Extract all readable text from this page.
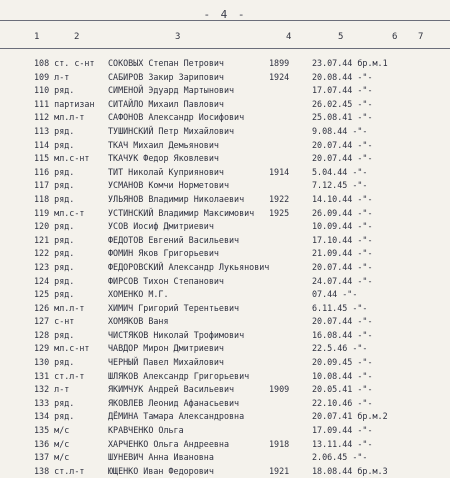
- 4 -
1	2	3	4	5	6 7
108 ст. с-нт СОКОВЫХ Степан Петрович	1899	23.07.44 бр.м.1
109 л-т	САБИРОВ Закир Зарипович	1924	20.08.44 -"-
110 ряд.	СИМЕНОЙ Эдуард Мартынович	17.07.44 -"-
111 партизан СИТАЙЛО Михаил Павлович	26.02.45 -"-
112 мл.л-т	САФОНОВ Александр Иосифович	25.08.41 -"-
113 ряд.	ТУШИНСКИЙ Петр Михайлович	9.08.44 -"-
114 ряд.	ТКАЧ Михаил Демьянович	20.07.44 -"-
115 мл.с-нт ТКАЧУК Федор Яковлевич	20.07.44 -"-
116 ряд.	ТИТ Николай Куприянович	1914	5.04.44 -"-
117 ряд.	УСМАНОВ Комчи Норметович	7.12.45 -"-
118 ряд.	УЛЬЯНОВ Владимир Николаевич	1922	14.10.44 -"-
119 мл.с-т	УСТИНСКИЙ Владимир Максимович 1925	26.09.44 -"-
120 ряд.	УСОВ Иосиф Дмитриевич	10.09.44 -"-
121 ряд.	ФЕДОТОВ Евгений Васильевич	17.10.44 -"-
122 ряд.	ФОМИН Яков Григорьевич	21.09.44 -"-
123 ряд.	ФЕДОРОВСКИЙ Александр Лукьянович	20.07.44 -"-
124 ряд.	ФИРСОВ Тихон Степанович	24.07.44 -"-
125 ряд.	ХОМЕНКО М.Г.	07.44 -"-
126 мл.л-т	ХИМИЧ Григорий Терентьевич	6.11.45 -"-
127 с-нт	ХОМЯКОВ Ваня	20.07.44 -"-
128 ряд.	ЧИСТЯКОВ Николай Трофимович	16.08.44 -"-
129 мл.с-нт ЧАВДОР Мирон Дмитриевич	22.5.46 -"-
130 ряд.	ЧЕРНЫЙ Павел Михайлович	20.09.45 -"-
131 ст.л-т	ШЛЯКОВ Александр Григорьевич	10.08.44 -"-
132 л-т	ЯКИМЧУК Андрей Васильевич	1909	20.05.41 -"-
133 ряд.	ЯКОВЛЕВ Леонид Афанасьевич	22.10.46 -"-
134 ряд.	ДЁМИНА Тамара Александровна	20.07.41 бр.м.2
135 м/с	КРАВЧЕНКО Ольга	17.09.44 -"-
136 м/с	ХАРЧЕНКО Ольга Андреевна	1918	13.11.44 -"-
137 м/с	ШУНЕВИЧ Анна Ивановна	2.06.45 -"-
138 ст.л-т	ЮЩЕНКО Иван Федорович	1921	18.08.44 бр.м.3
